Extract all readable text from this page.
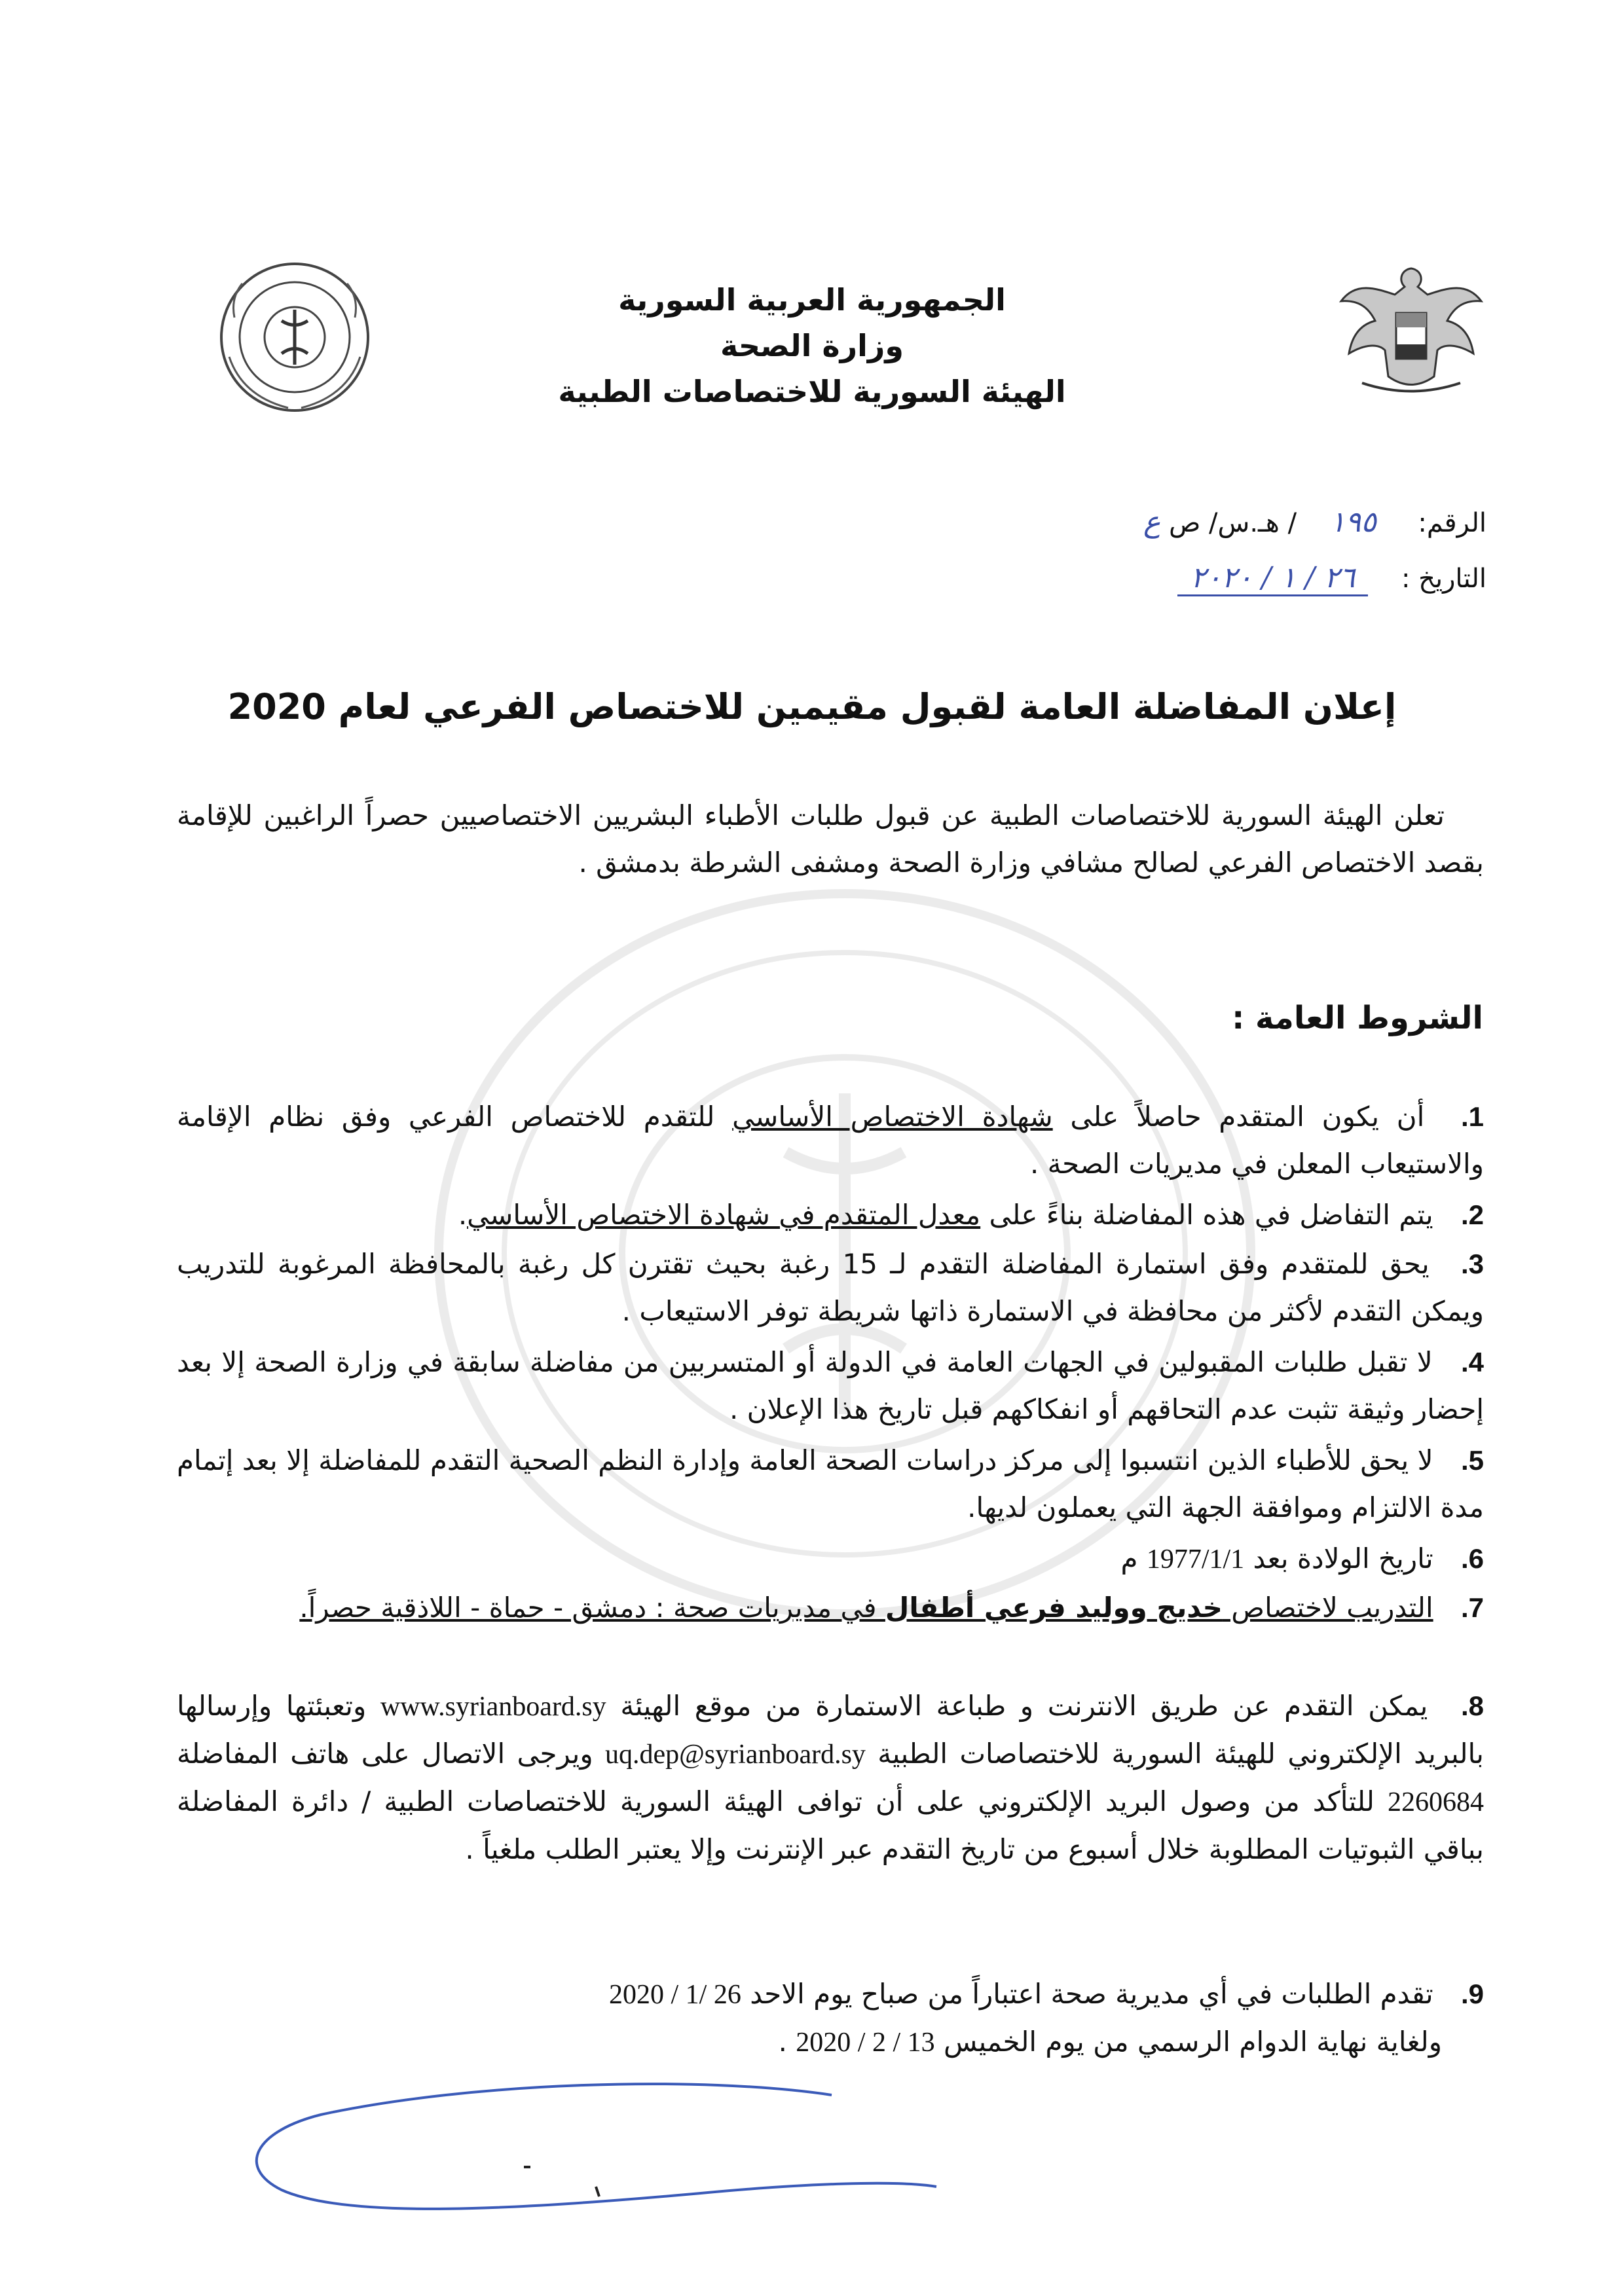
الجمهورية العربية السورية
وزارة الصحة
الهيئة السورية للاختصاصات الطبية
الرقم:     ١٩٥    / هـ.س/ ص ع
التاريخ :    ٢٦ / ١ / ٢٠٢٠
إعلان المفاضلة العامة لقبول مقيمين للاختصاص الفرعي لعام 2020
تعلن الهيئة السورية للاختصاصات الطبية عن قبول طلبات الأطباء البشريين الاختصاصيين حصراً الراغبين للإقامة بقصد الاختصاص الفرعي لصالح مشافي وزارة الصحة ومشفى الشرطة بدمشق .
الشروط العامة :
1. أن يكون المتقدم حاصلاً على شهادة الاختصاص الأساسي للتقدم للاختصاص الفرعي وفق نظام الإقامة والاستيعاب المعلن في مديريات الصحة .
2. يتم التفاضل في هذه المفاضلة بناءً على معدل المتقدم في شهادة الاختصاص الأساسي.
3. يحق للمتقدم وفق استمارة المفاضلة التقدم لـ 15 رغبة بحيث تقترن كل رغبة بالمحافظة المرغوبة للتدريب ويمكن التقدم لأكثر من محافظة في الاستمارة ذاتها شريطة توفر الاستيعاب .
4. لا تقبل طلبات المقبولين في الجهات العامة في الدولة أو المتسربين من مفاضلة سابقة في وزارة الصحة إلا بعد إحضار وثيقة تثبت عدم التحاقهم أو انفكاكهم قبل تاريخ هذا الإعلان .
5. لا يحق للأطباء الذين انتسبوا إلى مركز دراسات الصحة العامة وإدارة النظم الصحية التقدم للمفاضلة إلا بعد إتمام مدة الالتزام وموافقة الجهة التي يعملون لديها.
6. تاريخ الولادة بعد 1977/1/1 م
7. التدريب لاختصاص خديج ووليد فرعي أطفال في مديريات صحة : دمشق - حماة - اللاذقية حصراً.
8. يمكن التقدم عن طريق الانترنت و طباعة الاستمارة من موقع الهيئة www.syrianboard.sy وتعبئتها وإرسالها بالبريد الإلكتروني للهيئة السورية للاختصاصات الطبية uq.dep@syrianboard.sy ويرجى الاتصال على هاتف المفاضلة 2260684 للتأكد من وصول البريد الإلكتروني على أن توافى الهيئة السورية للاختصاصات الطبية / دائرة المفاضلة بباقي الثبوتيات المطلوبة خلال أسبوع من تاريخ التقدم عبر الإنترنت وإلا يعتبر الطلب ملغياً .
9. تقدم الطلبات في أي مديرية صحة اعتباراً من صباح يوم الاحد 2020 / 1/ 26
ولغاية نهاية الدوام الرسمي من يوم الخميس 2020 / 2 / 13 .
